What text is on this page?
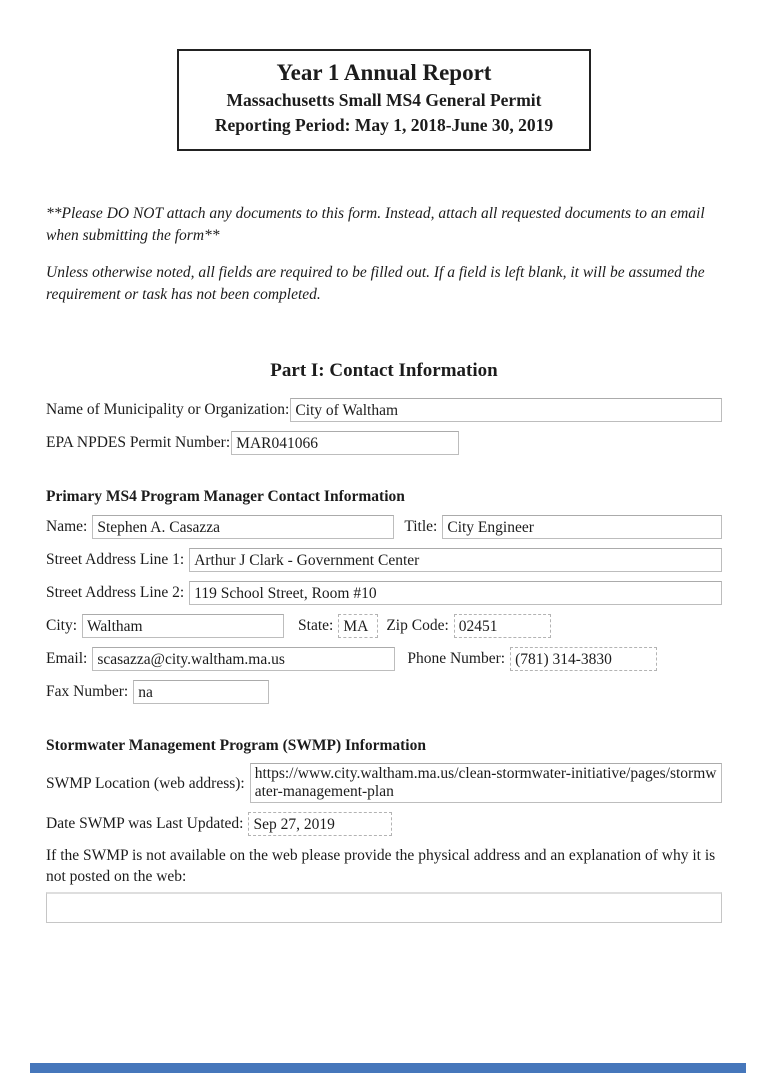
Year 1 Annual Report
Massachusetts Small MS4 General Permit
Reporting Period: May 1, 2018-June 30, 2019
**Please DO NOT attach any documents to this form. Instead, attach all requested documents to an email when submitting the form**
Unless otherwise noted, all fields are required to be filled out. If a field is left blank, it will be assumed the requirement or task has not been completed.
Part I: Contact Information
Name of Municipality or Organization: City of Waltham
EPA NPDES Permit Number: MAR041066
Primary MS4 Program Manager Contact Information
Name: Stephen A. Casazza	Title: City Engineer
Street Address Line 1: Arthur J Clark - Government Center
Street Address Line 2: 119 School Street, Room #10
City: Waltham	State: MA	Zip Code: 02451
Email: scasazza@city.waltham.ma.us	Phone Number: (781) 314-3830
Fax Number: na
Stormwater Management Program (SWMP) Information
SWMP Location (web address):
https://www.city.waltham.ma.us/clean-stormwater-initiative/pages/stormwater-management-plan
Date SWMP was Last Updated: Sep 27, 2019
If the SWMP is not available on the web please provide the physical address and an explanation of why it is not posted on the web:
